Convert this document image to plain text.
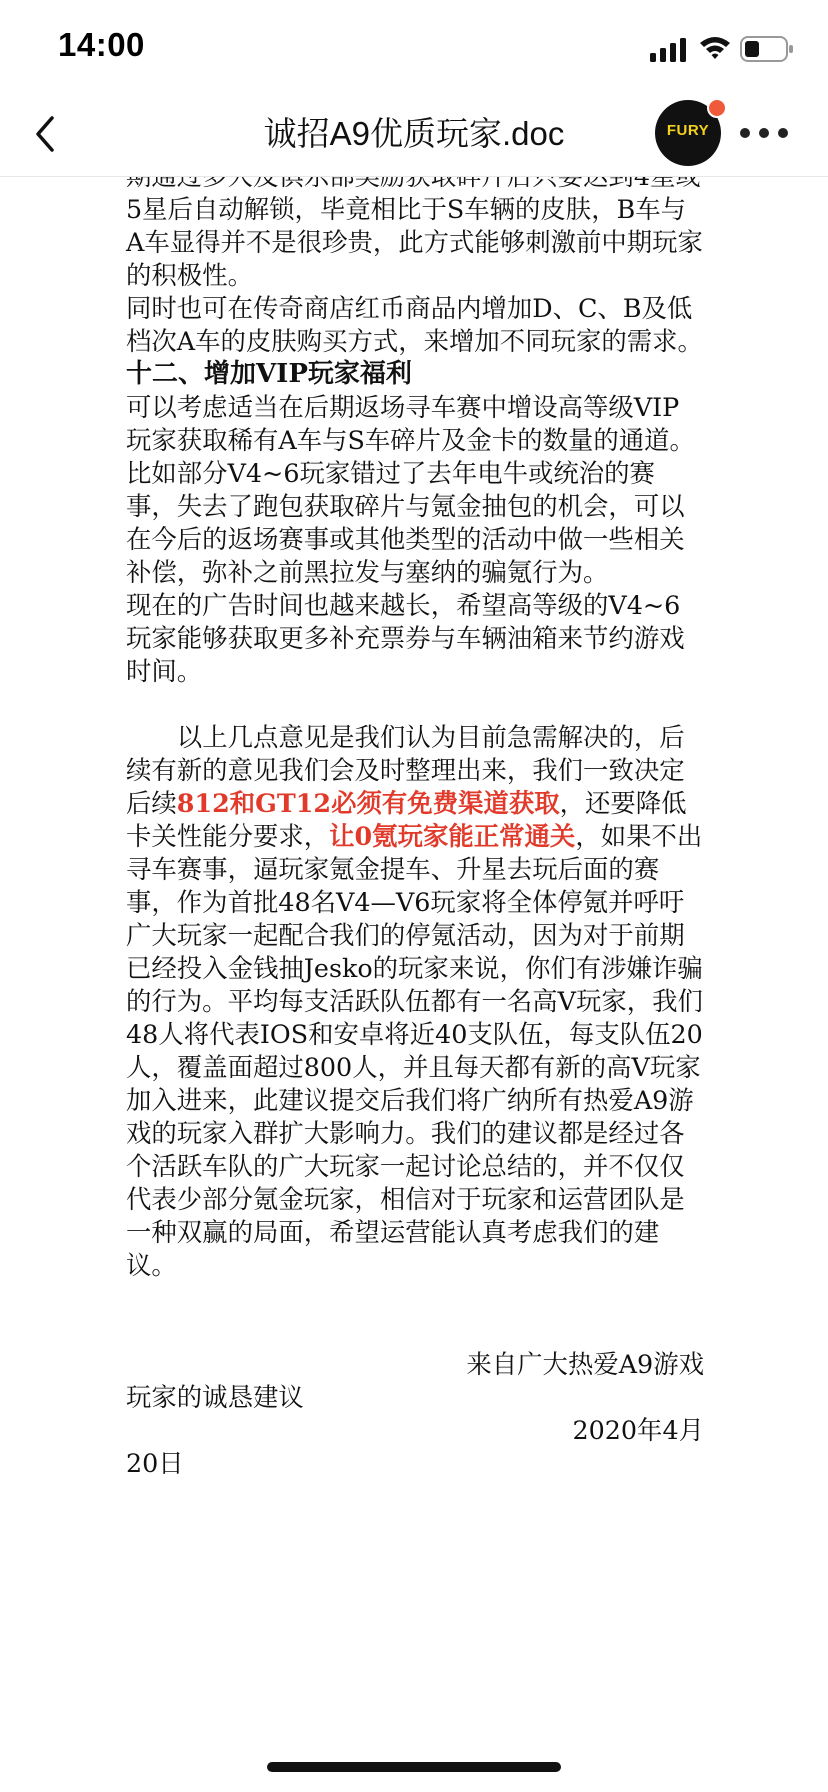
14:00
诚招A9优质玩家.doc	FURY

5星后自动解锁，毕竟相比于S车辆的皮肤，B车与A车显得并不是很珍贵，此方式能够刺激前中期玩家的积极性。

同时也可在传奇商店红币商品内增加D、C、B及低档次A车的皮肤购买方式，来增加不同玩家的需求。

十二、增加VIP玩家福利

可以考虑适当在后期返场寻车赛中增设高等级VIP玩家获取稀有A车与S车碎片及金卡的数量的通道。比如部分V4~6玩家错过了去年电牛或统治的赛事，失去了跑包获取碎片与氪金抽包的机会，可以在今后的返场赛事或其他类型的活动中做一些相关补偿，弥补之前黑拉发与塞纳的骗氪行为。

现在的广告时间也越来越长，希望高等级的V4~6玩家能够获取更多补充票券与车辆油箱来节约游戏时间。

以上几点意见是我们认为目前急需解决的，后续有新的意见我们会及时整理出来，我们一致决定后续812和GT12必须有免费渠道获取，还要降低卡关性能分要求，让0氪玩家能正常通关，如果不出寻车赛事，逼玩家氪金提车、升星去玩后面的赛事，作为首批48名V4—V6玩家将全体停氪并呼吁广大玩家一起配合我们的停氪活动，因为对于前期已经投入金钱抽Jesko的玩家来说，你们有涉嫌诈骗的行为。平均每支活跃队伍都有一名高V玩家，我们48人将代表IOS和安卓将近40支队伍，每支队伍20人，覆盖面超过800人，并且每天都有新的高V玩家加入进来，此建议提交后我们将广纳所有热爱A9游戏的玩家入群扩大影响力。我们的建议都是经过各个活跃车队的广大玩家一起讨论总结的，并不仅仅代表少部分氪金玩家，相信对于玩家和运营团队是一种双赢的局面，希望运营能认真考虑我们的建议。

来自广大热爱A9游戏

玩家的诚恳建议

2020年4月

20日
